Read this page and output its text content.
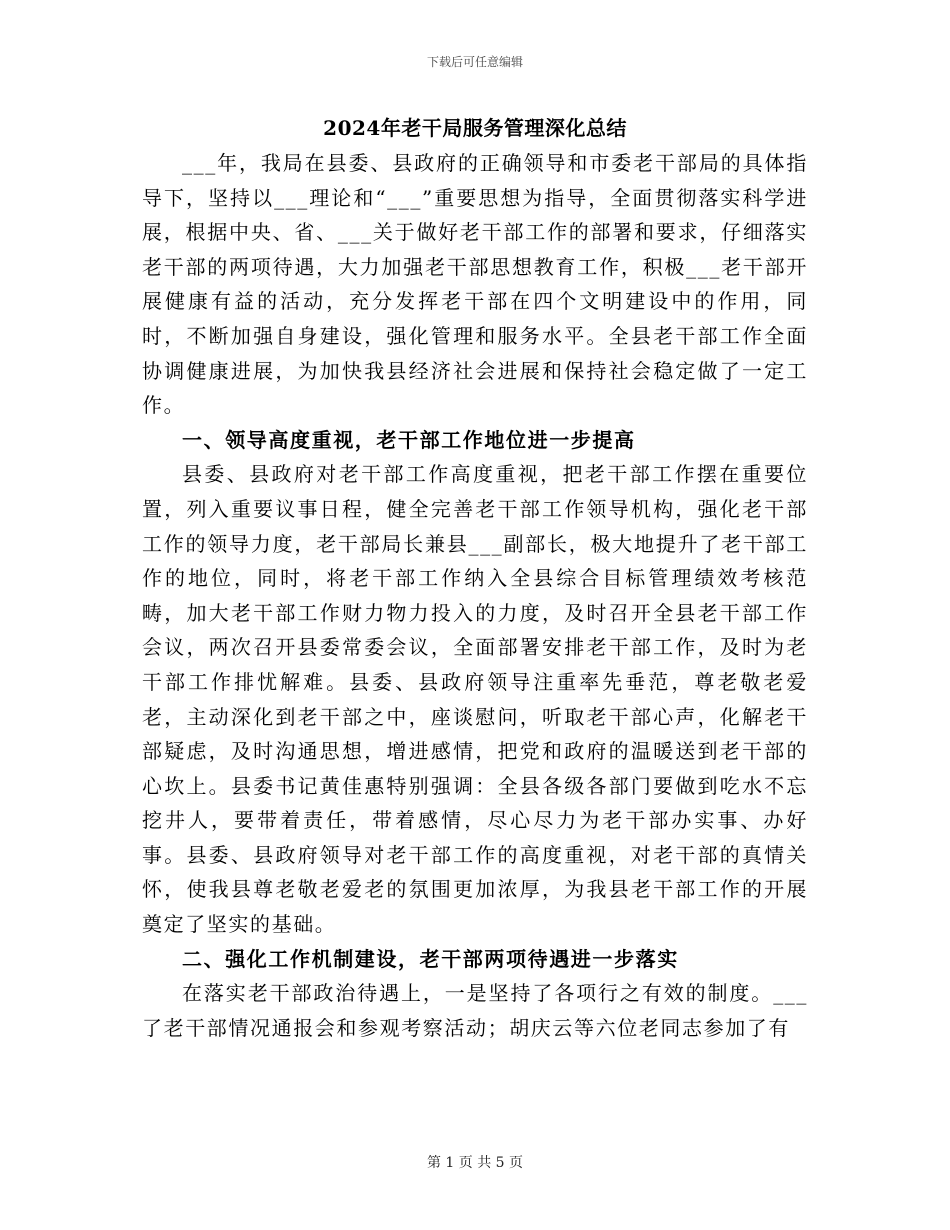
下载后可任意编辑
2024年老干局服务管理深化总结

___年，我局在县委、县政府的正确领导和市委老干部局的具体指导下，坚持以___理论和“___”重要思想为指导，全面贯彻落实科学进展，根据中央、省、___关于做好老干部工作的部署和要求，仔细落实老干部的两项待遇，大力加强老干部思想教育工作，积极___老干部开展健康有益的活动，充分发挥老干部在四个文明建设中的作用，同时，不断加强自身建设，强化管理和服务水平。全县老干部工作全面协调健康进展，为加快我县经济社会进展和保持社会稳定做了一定工作。

一、领导高度重视，老干部工作地位进一步提高

县委、县政府对老干部工作高度重视，把老干部工作摆在重要位置，列入重要议事日程，健全完善老干部工作领导机构，强化老干部工作的领导力度，老干部局长兼县___副部长，极大地提升了老干部工作的地位，同时，将老干部工作纳入全县综合目标管理绩效考核范畴，加大老干部工作财力物力投入的力度，及时召开全县老干部工作会议，两次召开县委常委会议，全面部署安排老干部工作，及时为老干部工作排忧解难。县委、县政府领导注重率先垂范，尊老敬老爱老，主动深化到老干部之中，座谈慰问，听取老干部心声，化解老干部疑虑，及时沟通思想，增进感情，把党和政府的温暖送到老干部的心坎上。县委书记黄佳惠特别强调：全县各级各部门要做到吃水不忘挖井人，要带着责任，带着感情，尽心尽力为老干部办实事、办好事。县委、县政府领导对老干部工作的高度重视，对老干部的真情关怀，使我县尊老敬老爱老的氛围更加浓厚，为我县老干部工作的开展奠定了坚实的基础。

二、强化工作机制建设，老干部两项待遇进一步落实

在落实老干部政治待遇上，一是坚持了各项行之有效的制度。___了老干部情况通报会和参观考察活动；胡庆云等六位老同志参加了有

第 1 页 共 5 页
